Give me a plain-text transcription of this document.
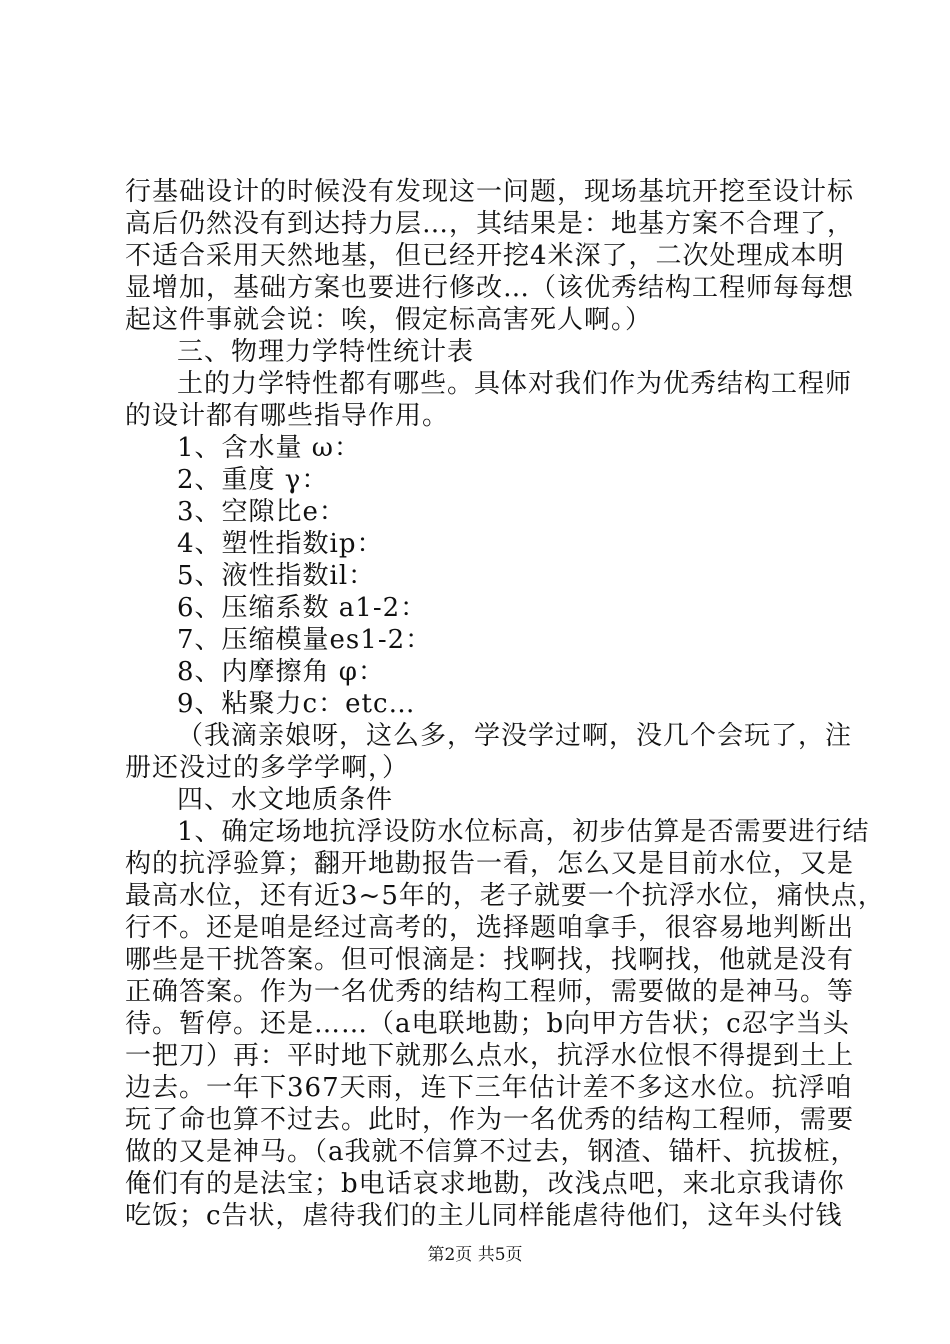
行基础设计的时候没有发现这一问题，现场基坑开挖至设计标
高后仍然没有到达持力层…，其结果是：地基方案不合理了，
不适合采用天然地基，但已经开挖4米深了，二次处理成本明
显增加，基础方案也要进行修改…（该优秀结构工程师每每想
起这件事就会说：唉，假定标高害死人啊。）
三、物理力学特性统计表
土的力学特性都有哪些。具体对我们作为优秀结构工程师
的设计都有哪些指导作用。
1、含水量 ω：
2、重度 γ：
3、空隙比e：
4、塑性指数ip：
5、液性指数il：
6、压缩系数 a1-2：
7、压缩模量es1-2：
8、内摩擦角 φ：
9、粘聚力c：etc…
（我滴亲娘呀，这么多，学没学过啊，没几个会玩了，注
册还没过的多学学啊，）
四、水文地质条件
1、确定场地抗浮设防水位标高，初步估算是否需要进行结
构的抗浮验算；翻开地勘报告一看，怎么又是目前水位，又是
最高水位，还有近3~5年的，老子就要一个抗浮水位，痛快点，
行不。还是咱是经过高考的，选择题咱拿手，很容易地判断出
哪些是干扰答案。但可恨滴是：找啊找，找啊找，他就是没有
正确答案。作为一名优秀的结构工程师，需要做的是神马。等
待。暂停。还是……（a电联地勘；b向甲方告状；c忍字当头
一把刀）再：平时地下就那么点水，抗浮水位恨不得提到土上
边去。一年下367天雨，连下三年估计差不多这水位。抗浮咱
玩了命也算不过去。此时，作为一名优秀的结构工程师，需要
做的又是神马。（a我就不信算不过去，钢渣、锚杆、抗拔桩，
俺们有的是法宝；b电话哀求地勘，改浅点吧，来北京我请你
吃饭；c告状，虐待我们的主儿同样能虐待他们，这年头付钱
第2页 共5页
